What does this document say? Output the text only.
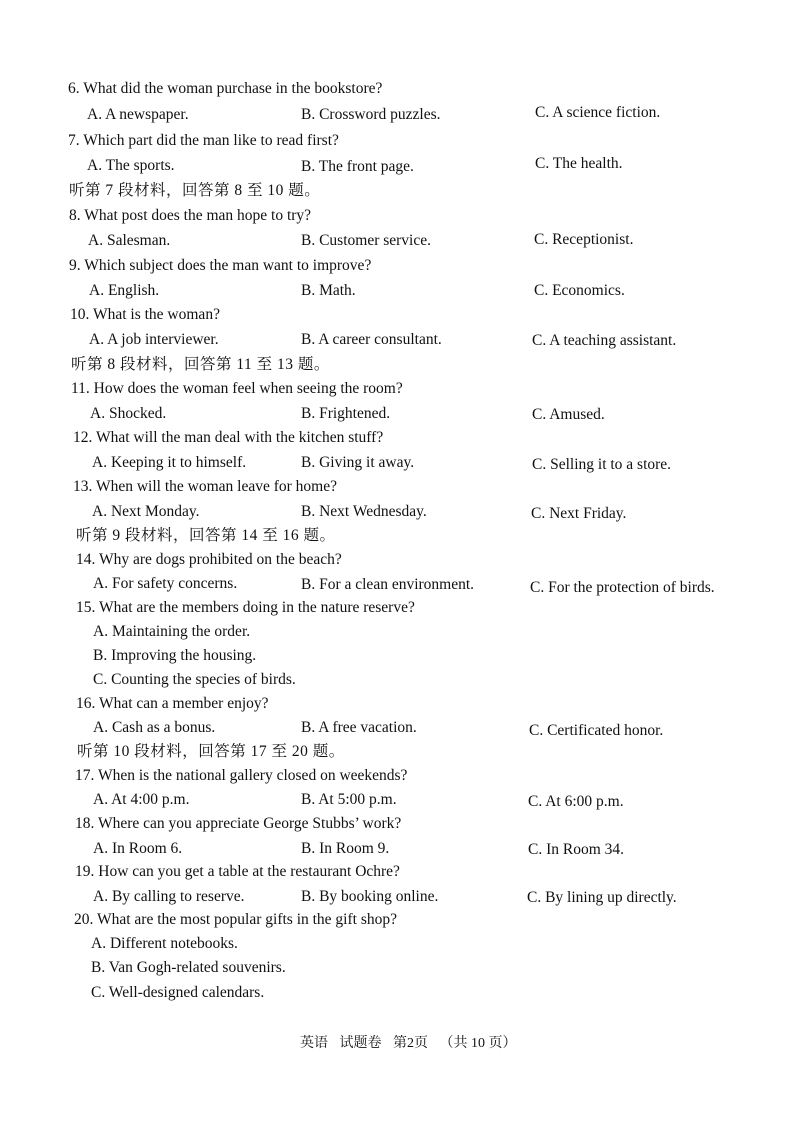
6. What did the woman purchase in the bookstore?
A. A newspaper.	B. Crossword puzzles.	C. A science fiction.
7. Which part did the man like to read first?
A. The sports.	B. The front page.	C. The health.
听第 7 段材料，回答第 8 至 10 题。
8. What post does the man hope to try?
A. Salesman.	B. Customer service.	C. Receptionist.
9. Which subject does the man want to improve?
A. English.	B. Math.	C. Economics.
10. What is the woman?
A. A job interviewer.	B. A career consultant.	C. A teaching assistant.
听第 8 段材料，回答第 11 至 13 题。
11. How does the woman feel when seeing the room?
A. Shocked.	B. Frightened.	C. Amused.
12. What will the man deal with the kitchen stuff?
A. Keeping it to himself.	B. Giving it away.	C. Selling it to a store.
13. When will the woman leave for home?
A. Next Monday.	B. Next Wednesday.	C. Next Friday.
听第 9 段材料，回答第 14 至 16 题。
14. Why are dogs prohibited on the beach?
A. For safety concerns.	B. For a clean environment.	C. For the protection of birds.
15. What are the members doing in the nature reserve?
A. Maintaining the order.
B. Improving the housing.
C. Counting the species of birds.
16. What can a member enjoy?
A. Cash as a bonus.	B. A free vacation.	C. Certificated honor.
听第 10 段材料，回答第 17 至 20 题。
17. When is the national gallery closed on weekends?
A. At 4:00 p.m.	B. At 5:00 p.m.	C. At 6:00 p.m.
18. Where can you appreciate George Stubbs’ work?
A. In Room 6.	B. In Room 9.	C. In Room 34.
19. How can you get a table at the restaurant Ochre?
A. By calling to reserve.	B. By booking online.	C. By lining up directly.
20. What are the most popular gifts in the gift shop?
A. Different notebooks.
B. Van Gogh-related souvenirs.
C. Well-designed calendars.
英语 试题卷 第2页 （共 10 页）
